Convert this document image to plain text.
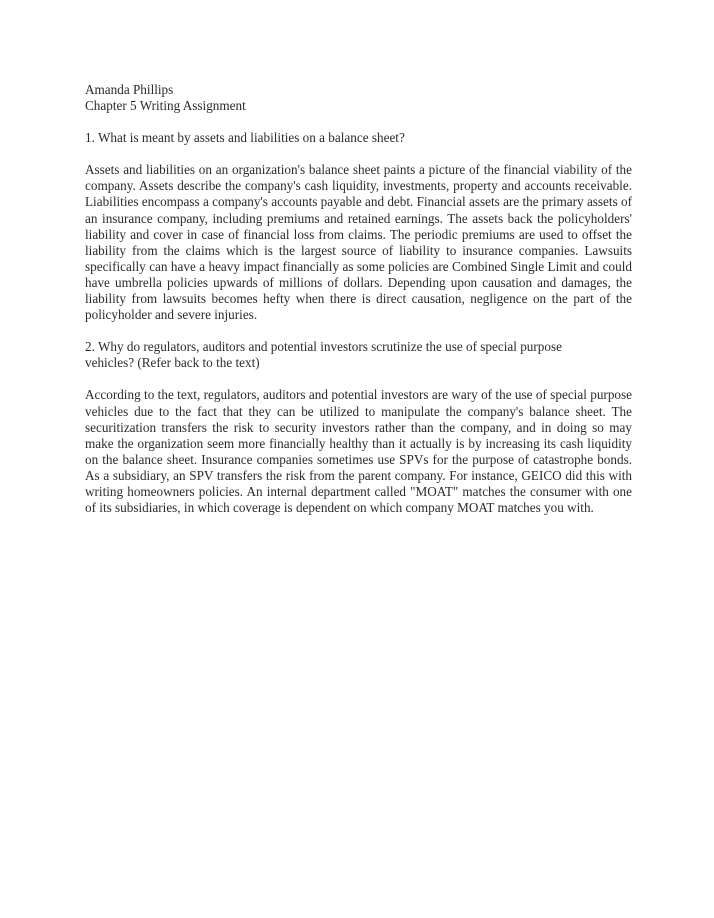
Amanda Phillips

Chapter 5 Writing Assignment

1. What is meant by assets and liabilities on a balance sheet?

Assets and liabilities on an organization's balance sheet paints a picture of the financial viability of the company. Assets describe the company's cash liquidity, investments, property and accounts receivable. Liabilities encompass a company's accounts payable and debt. Financial assets are the primary assets of an insurance company, including premiums and retained earnings. The assets back the policyholders' liability and cover in case of financial loss from claims. The periodic premiums are used to offset the liability from the claims which is the largest source of liability to insurance companies. Lawsuits specifically can have a heavy impact financially as some policies are Combined Single Limit and could have umbrella policies upwards of millions of dollars. Depending upon causation and damages, the liability from lawsuits becomes hefty when there is direct causation, negligence on the part of the policyholder and severe injuries.

2. Why do regulators, auditors and potential investors scrutinize the use of special purpose

vehicles? (Refer back to the text)

According to the text, regulators, auditors and potential investors are wary of the use of special purpose vehicles due to the fact that they can be utilized to manipulate the company's balance sheet. The securitization transfers the risk to security investors rather than the company, and in doing so may make the organization seem more financially healthy than it actually is by increasing its cash liquidity on the balance sheet. Insurance companies sometimes use SPVs for the purpose of catastrophe bonds. As a subsidiary, an SPV transfers the risk from the parent company. For instance, GEICO did this with writing homeowners policies. An internal department called "MOAT" matches the consumer with one of its subsidiaries, in which coverage is dependent on which company MOAT matches you with.
